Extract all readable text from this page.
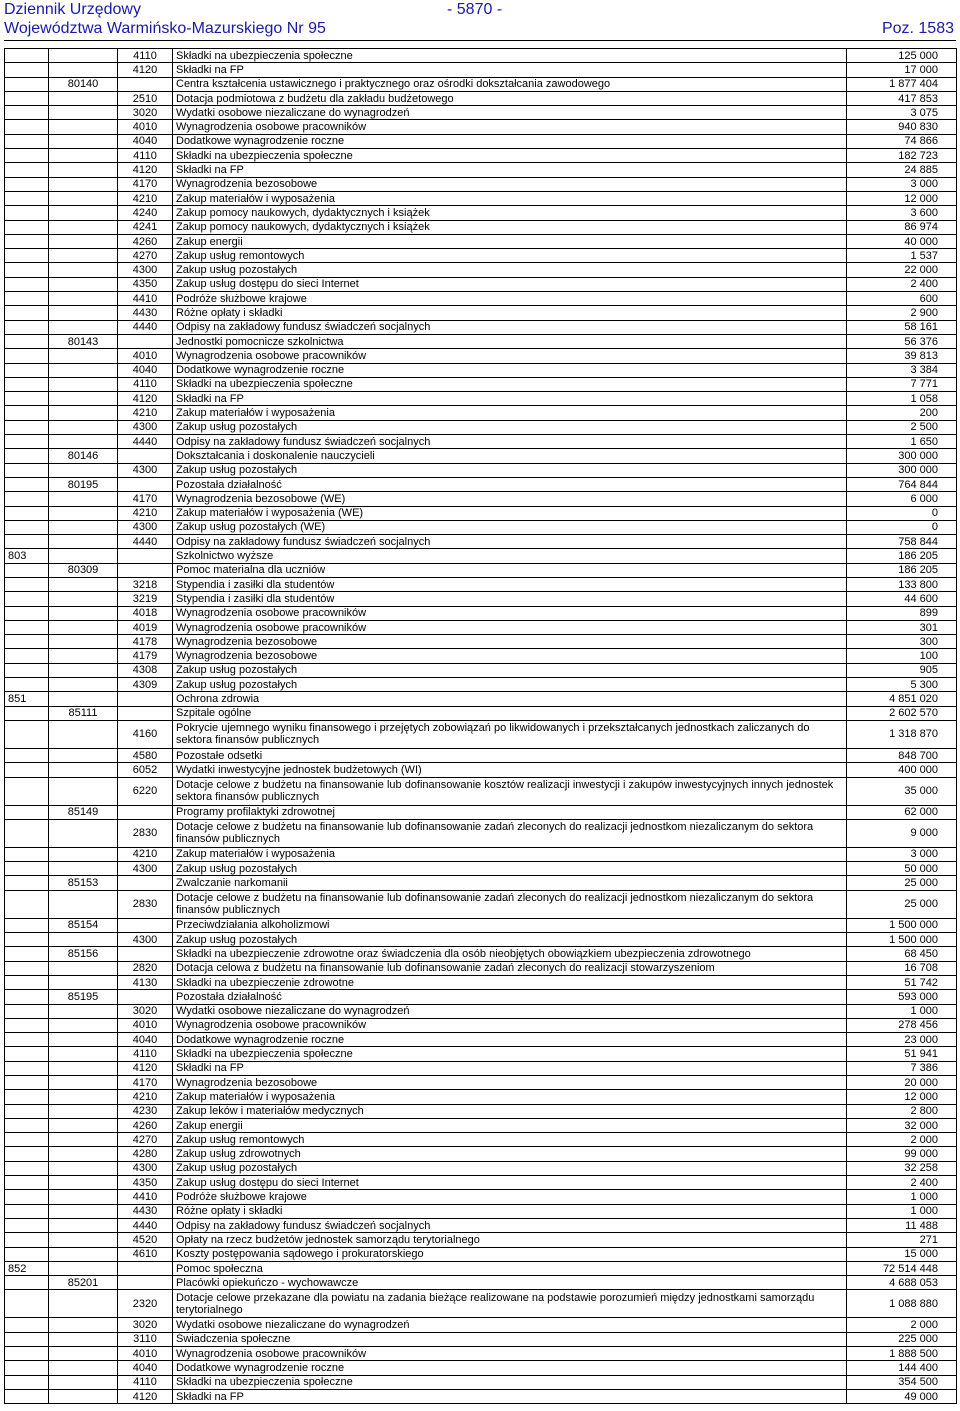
Dziennik Urzędowy
Województwa Warmińsko-Mazurskiego Nr 95
- 5870 -
Poz. 1583
		4110	Składki na ubezpieczenia społeczne	125 000
		4120	Składki na FP	17 000
	80140		Centra kształcenia ustawicznego i praktycznego oraz ośrodki dokształcania zawodowego	1 877 404
		2510	Dotacja podmiotowa z budżetu dla zakładu budżetowego	417 853
		3020	Wydatki osobowe niezaliczane do wynagrodzeń	3 075
		4010	Wynagrodzenia osobowe pracowników	940 830
		4040	Dodatkowe wynagrodzenie roczne	74 866
		4110	Składki na ubezpieczenia społeczne	182 723
		4120	Składki na FP	24 885
		4170	Wynagrodzenia bezosobowe	3 000
		4210	Zakup materiałów i wyposażenia	12 000
		4240	Zakup pomocy naukowych, dydaktycznych i książek	3 600
		4241	Zakup pomocy naukowych, dydaktycznych i książek	86 974
		4260	Zakup energii	40 000
		4270	Zakup usług remontowych	1 537
		4300	Zakup usług pozostałych	22 000
		4350	Zakup usług dostępu do sieci Internet	2 400
		4410	Podróże służbowe krajowe	600
		4430	Różne opłaty i składki	2 900
		4440	Odpisy na zakładowy fundusz świadczeń socjalnych	58 161
	80143		Jednostki pomocnicze szkolnictwa	56 376
		4010	Wynagrodzenia osobowe pracowników	39 813
		4040	Dodatkowe wynagrodzenie roczne	3 384
		4110	Składki na ubezpieczenia społeczne	7 771
		4120	Składki na FP	1 058
		4210	Zakup materiałów i wyposażenia	200
		4300	Zakup usług pozostałych	2 500
		4440	Odpisy na zakładowy fundusz świadczeń socjalnych	1 650
	80146		Dokształcania i doskonalenie nauczycieli	300 000
		4300	Zakup usług pozostałych	300 000
	80195		Pozostała działalność	764 844
		4170	Wynagrodzenia bezosobowe (WE)	6 000
		4210	Zakup materiałów i wyposażenia (WE)	0
		4300	Zakup usług pozostałych (WE)	0
		4440	Odpisy na zakładowy fundusz świadczeń socjalnych	758 844
803			Szkolnictwo wyższe	186 205
	80309		Pomoc materialna dla uczniów	186 205
		3218	Stypendia i zasiłki dla studentów	133 800
		3219	Stypendia i zasiłki dla studentów	44 600
		4018	Wynagrodzenia osobowe pracowników	899
		4019	Wynagrodzenia osobowe pracowników	301
		4178	Wynagrodzenia bezosobowe	300
		4179	Wynagrodzenia bezosobowe	100
		4308	Zakup usług pozostałych	905
		4309	Zakup usług pozostałych	5 300
851			Ochrona zdrowia	4 851 020
	85111		Szpitale ogólne	2 602 570
		4160	Pokrycie ujemnego wyniku finansowego i przejętych zobowiązań po likwidowanych i przekształcanych jednostkach zaliczanych do sektora finansów publicznych	1 318 870
		4580	Pozostałe odsetki	848 700
		6052	Wydatki inwestycyjne jednostek budżetowych (WI)	400 000
		6220	Dotacje celowe z budżetu na finansowanie lub dofinansowanie kosztów realizacji inwestycji i zakupów inwestycyjnych innych jednostek sektora finansów publicznych	35 000
	85149		Programy profilaktyki zdrowotnej	62 000
		2830	Dotacje celowe z budżetu na finansowanie lub dofinansowanie zadań zleconych do realizacji jednostkom niezaliczanym do sektora finansów publicznych	9 000
		4210	Zakup materiałów i wyposażenia	3 000
		4300	Zakup usług pozostałych	50 000
	85153		Zwalczanie narkomanii	25 000
		2830	Dotacje celowe z budżetu na finansowanie lub dofinansowanie zadań zleconych do realizacji jednostkom niezaliczanym do sektora finansów publicznych	25 000
	85154		Przeciwdziałania alkoholizmowi	1 500 000
		4300	Zakup usług pozostałych	1 500 000
	85156		Składki na ubezpieczenie zdrowotne oraz świadczenia dla osób nieobjętych obowiązkiem ubezpieczenia zdrowotnego	68 450
		2820	Dotacja celowa z budżetu na finansowanie lub dofinansowanie zadań zleconych do realizacji stowarzyszeniom	16 708
		4130	Składki na ubezpieczenie zdrowotne	51 742
	85195		Pozostała działalność	593 000
		3020	Wydatki osobowe niezaliczane do wynagrodzeń	1 000
		4010	Wynagrodzenia osobowe pracowników	278 456
		4040	Dodatkowe wynagrodzenie roczne	23 000
		4110	Składki na ubezpieczenia społeczne	51 941
		4120	Składki na FP	7 386
		4170	Wynagrodzenia bezosobowe	20 000
		4210	Zakup materiałów i wyposażenia	12 000
		4230	Zakup leków i materiałów medycznych	2 800
		4260	Zakup energii	32 000
		4270	Zakup usług remontowych	2 000
		4280	Zakup usług zdrowotnych	99 000
		4300	Zakup usług pozostałych	32 258
		4350	Zakup usług dostępu do sieci Internet	2 400
		4410	Podróże służbowe krajowe	1 000
		4430	Różne opłaty i składki	1 000
		4440	Odpisy na zakładowy fundusz świadczeń socjalnych	11 488
		4520	Opłaty na rzecz budżetów jednostek samorządu terytorialnego	271
		4610	Koszty postępowania sądowego i prokuratorskiego	15 000
852			Pomoc społeczna	72 514 448
	85201		Placówki opiekuńczo - wychowawcze	4 688 053
		2320	Dotacje celowe przekazane dla powiatu na zadania bieżące realizowane na podstawie porozumień między jednostkami samorządu terytorialnego	1 088 880
		3020	Wydatki osobowe niezaliczane do wynagrodzeń	2 000
		3110	Świadczenia społeczne	225 000
		4010	Wynagrodzenia osobowe pracowników	1 888 500
		4040	Dodatkowe wynagrodzenie roczne	144 400
		4110	Składki na ubezpieczenia społeczne	354 500
		4120	Składki na FP	49 000
